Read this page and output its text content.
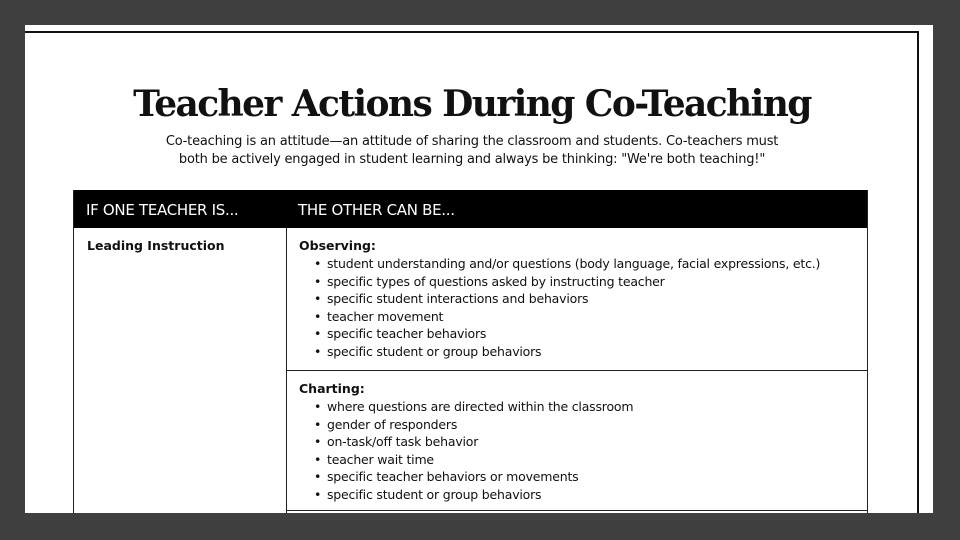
Teacher Actions During Co-Teaching
Co-teaching is an attitude—an attitude of sharing the classroom and students. Co-teachers must
both be actively engaged in student learning and always be thinking: "We're both teaching!"
IF ONE TEACHER IS...	THE OTHER CAN BE...
Leading Instruction	Observing:
• student understanding and/or questions (body language, facial expressions, etc.)
• specific types of questions asked by instructing teacher
• specific student interactions and behaviors
• teacher movement
• specific teacher behaviors
• specific student or group behaviors
Charting:
• where questions are directed within the classroom
• gender of responders
• on-task/off task behavior
• teacher wait time
• specific teacher behaviors or movements
• specific student or group behaviors
